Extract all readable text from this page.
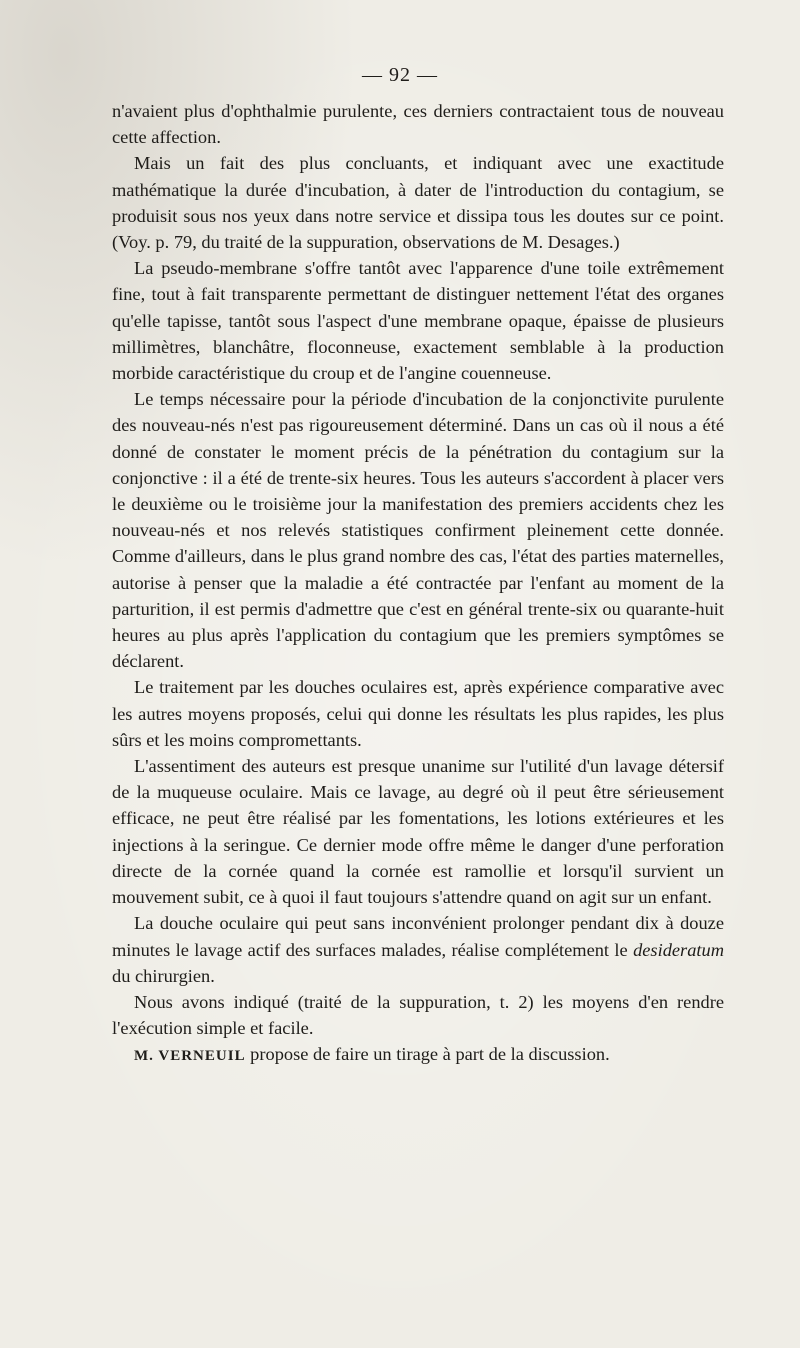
— 92 —

n'avaient plus d'ophthalmie purulente, ces derniers contractaient tous de nouveau cette affection.

Mais un fait des plus concluants, et indiquant avec une exactitude mathématique la durée d'incubation, à dater de l'introduction du contagium, se produisit sous nos yeux dans notre service et dissipa tous les doutes sur ce point. (Voy. p. 79, du traité de la suppuration, observations de M. Desages.)

La pseudo-membrane s'offre tantôt avec l'apparence d'une toile extrêmement fine, tout à fait transparente permettant de distinguer nettement l'état des organes qu'elle tapisse, tantôt sous l'aspect d'une membrane opaque, épaisse de plusieurs millimètres, blanchâtre, floconneuse, exactement semblable à la production morbide caractéristique du croup et de l'angine couenneuse.

Le temps nécessaire pour la période d'incubation de la conjonctivite purulente des nouveau-nés n'est pas rigoureusement déterminé. Dans un cas où il nous a été donné de constater le moment précis de la pénétration du contagium sur la conjonctive : il a été de trente-six heures. Tous les auteurs s'accordent à placer vers le deuxième ou le troisième jour la manifestation des premiers accidents chez les nouveau-nés et nos relevés statistiques confirment pleinement cette donnée. Comme d'ailleurs, dans le plus grand nombre des cas, l'état des parties maternelles, autorise à penser que la maladie a été contractée par l'enfant au moment de la parturition, il est permis d'admettre que c'est en général trente-six ou quarante-huit heures au plus après l'application du contagium que les premiers symptômes se déclarent.

Le traitement par les douches oculaires est, après expérience comparative avec les autres moyens proposés, celui qui donne les résultats les plus rapides, les plus sûrs et les moins compromettants.

L'assentiment des auteurs est presque unanime sur l'utilité d'un lavage détersif de la muqueuse oculaire. Mais ce lavage, au degré où il peut être sérieusement efficace, ne peut être réalisé par les fomentations, les lotions extérieures et les injections à la seringue. Ce dernier mode offre même le danger d'une perforation directe de la cornée quand la cornée est ramollie et lorsqu'il survient un mouvement subit, ce à quoi il faut toujours s'attendre quand on agit sur un enfant.

La douche oculaire qui peut sans inconvénient prolonger pendant dix à douze minutes le lavage actif des surfaces malades, réalise complétement le desideratum du chirurgien.

Nous avons indiqué (traité de la suppuration, t. 2) les moyens d'en rendre l'exécution simple et facile.

M. VERNEUIL propose de faire un tirage à part de la discussion.
